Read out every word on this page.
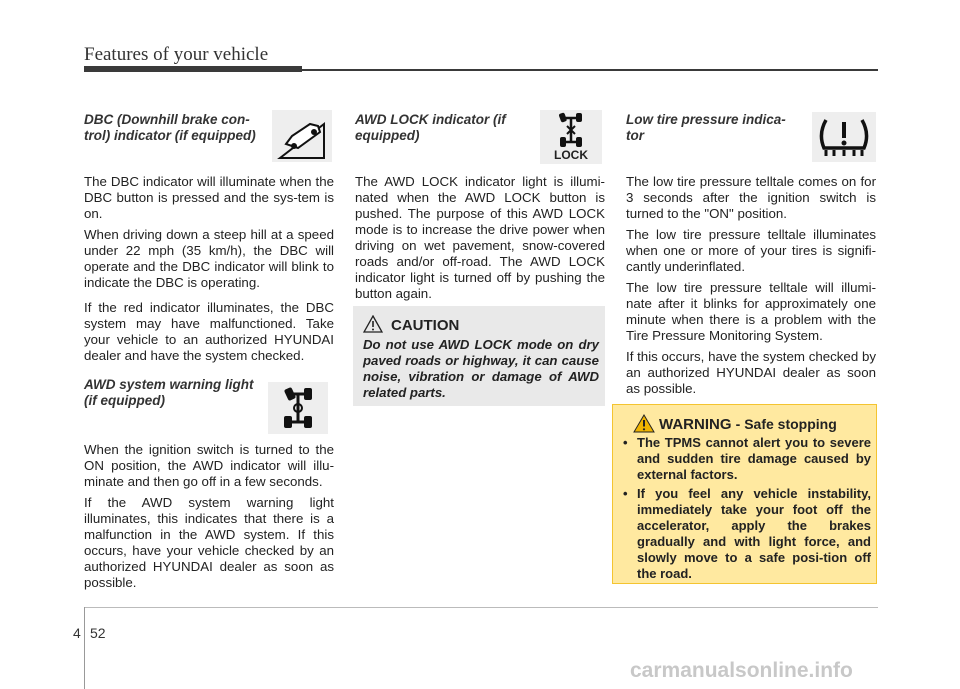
Features of your vehicle
DBC (Downhill brake con-trol) indicator (if equipped)

The DBC indicator will illuminate when the DBC button is pressed and the sys-tem is on.

When driving down a steep hill at a speed under 22 mph (35 km/h), the DBC will operate and the DBC indicator will blink to indicate the DBC is operating.

If the red indicator illuminates, the DBC system may have malfunctioned. Take your vehicle to an authorized HYUNDAI dealer and have the system checked.

AWD system warning light (if equipped)

When the ignition switch is turned to the ON position, the AWD indicator will illu-minate and then go off in a few seconds.

If the AWD system warning light illuminates, this indicates that there is a malfunction in the AWD system. If this occurs, have your vehicle checked by an authorized HYUNDAI dealer as soon as possible.

AWD LOCK indicator (if equipped)
LOCK

The AWD LOCK indicator light is illumi-nated when the AWD LOCK button is pushed. The purpose of this AWD LOCK mode is to increase the drive power when driving on wet pavement, snow-covered roads and/or off-road. The AWD LOCK indicator light is turned off by pushing the button again.

CAUTION
Do not use AWD LOCK mode on dry paved roads or highway, it can cause noise, vibration or damage of AWD related parts.
Low tire pressure indica-tor

The low tire pressure telltale comes on for 3 seconds after the ignition switch is turned to the "ON" position.

The low tire pressure telltale illuminates when one or more of your tires is signifi-cantly underinflated.

The low tire pressure telltale will illumi-nate after it blinks for approximately one minute when there is a problem with the Tire Pressure Monitoring System.

If this occurs, have the system checked by an authorized HYUNDAI dealer as soon as possible.

WARNING - Safe stopping
• The TPMS cannot alert you to severe and sudden tire damage caused by external factors.
• If you feel any vehicle instability, immediately take your foot off the accelerator, apply the brakes gradually and with light force, and slowly move to a safe posi-tion off the road.
4 52
carmanualsonline.info
